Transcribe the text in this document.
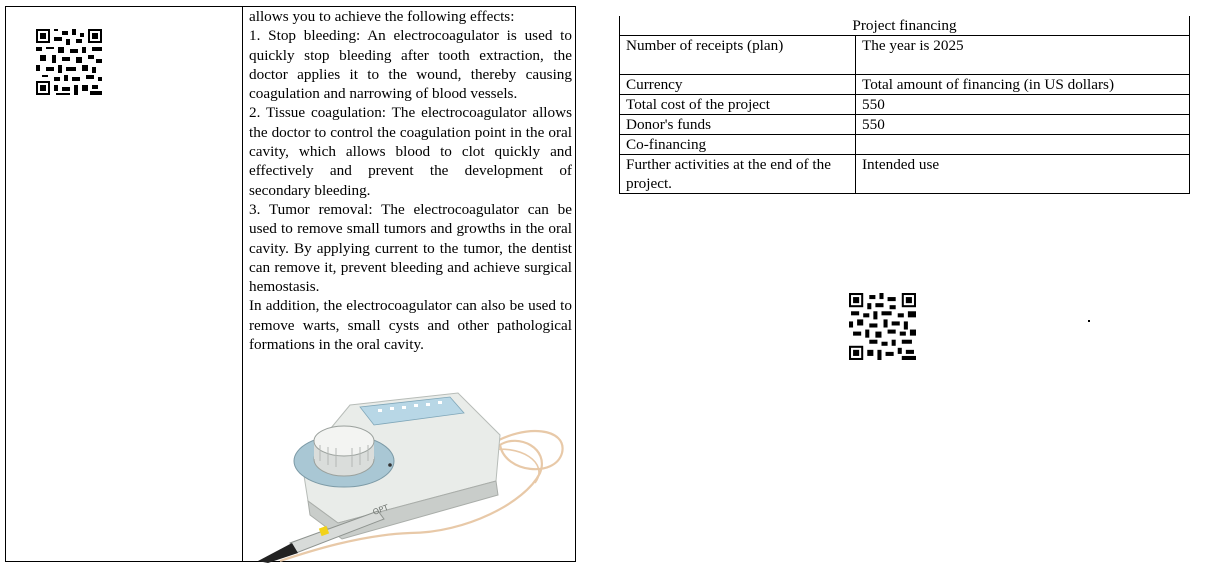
allows you to achieve the following effects:

1. Stop bleeding: An electrocoagulator is used to quickly stop bleeding after tooth extraction, the doctor applies it to the wound, thereby causing coagulation and narrowing of blood vessels.

2. Tissue coagulation: The electrocoagulator allows the doctor to control the coagulation point in the oral cavity, which allows blood to clot quickly and effectively and prevent the development of secondary bleeding.

3. Tumor removal: The electrocoagulator can be used to remove small tumors and growths in the oral cavity. By applying current to the tumor, the dentist can remove it, prevent bleeding and achieve surgical hemostasis.

In addition, the electrocoagulator can also be used to remove warts, small cysts and other pathological formations in the oral cavity.

OPT
Project financing	
Number of receipts (plan)	The year is 2025
Currency	Total amount of financing (in US dollars)
Total cost of the project	550
Donor's funds	550
Co-financing	
Further activities at the end of the project.	Intended use
